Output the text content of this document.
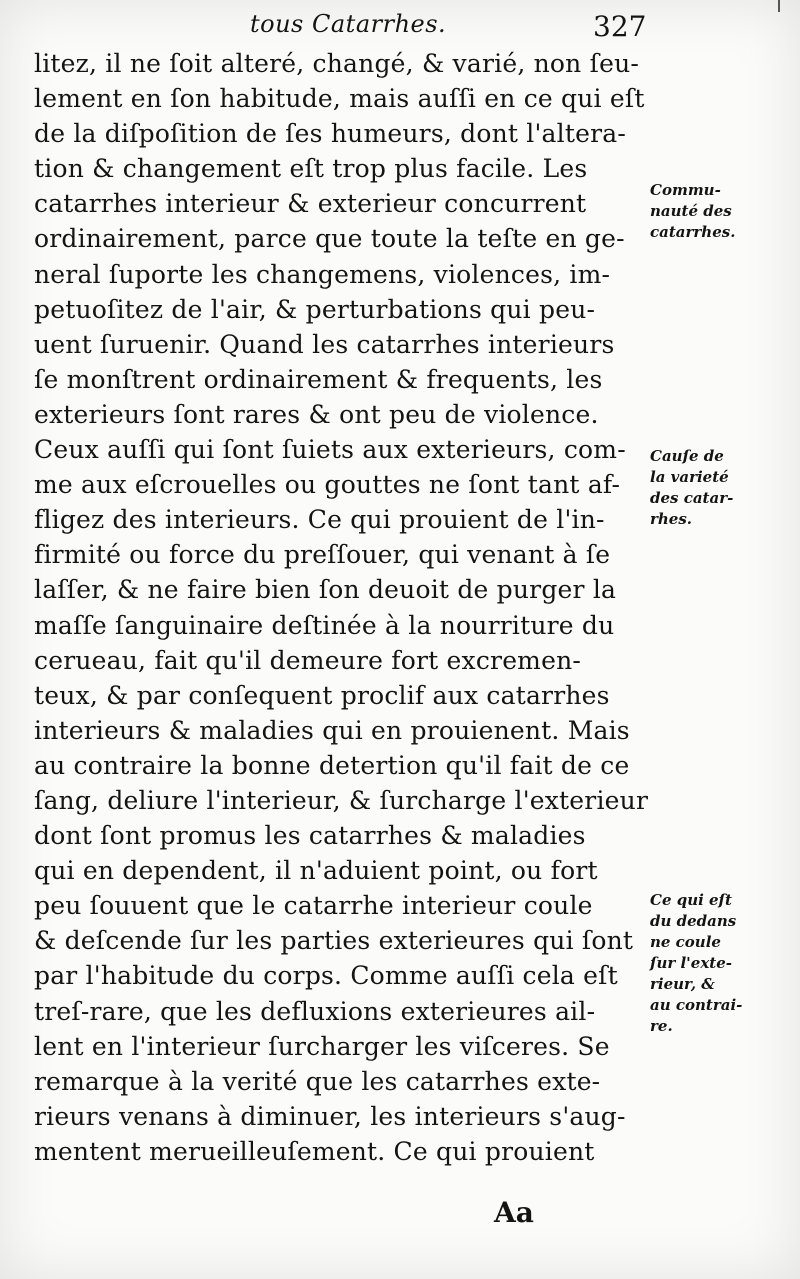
tous Catarrhes.	327
litez, il ne ſoit alteré, changé, & varié, non ſeu-
lement en ſon habitude, mais auſſi en ce qui eſt
de la diſpoſition de ſes humeurs, dont l'altera-
tion & changement eſt trop plus facile. Les
catarrhes interieur & exterieur concurrent
ordinairement, parce que toute la teſte en ge-
neral ſuporte les changemens, violences, im-
petuoſitez de l'air, & perturbations qui peu-
uent ſuruenir. Quand les catarrhes interieurs
ſe monſtrent ordinairement & frequents, les
exterieurs ſont rares & ont peu de violence.
Ceux auſſi qui ſont ſuiets aux exterieurs, com-
me aux eſcrouelles ou gouttes ne ſont tant af-
fligez des interieurs. Ce qui prouient de l'in-
firmité ou force du preſſouer, qui venant à ſe
laſſer, & ne faire bien ſon deuoit de purger la
maſſe ſanguinaire deſtinée à la nourriture du
cerueau, fait qu'il demeure fort excremen-
teux, & par conſequent proclif aux catarrhes
interieurs & maladies qui en prouienent. Mais
au contraire la bonne detertion qu'il fait de ce
ſang, deliure l'interieur, & ſurcharge l'exterieur
dont ſont promus les catarrhes & maladies
qui en dependent, il n'aduient point, ou fort
peu ſouuent que le catarrhe interieur coule
& deſcende ſur les parties exterieures qui ſont
par l'habitude du corps. Comme auſſi cela eſt
treſ-rare, que les defluxions exterieures ail-
lent en l'interieur ſurcharger les viſceres. Se
remarque à la verité que les catarrhes exte-
rieurs venans à diminuer, les interieurs s'aug-
mentent merueilleuſement. Ce qui prouient
Commu-
nauté des
catarrhes.
Cauſe de
la varieté
des catar-
rhes.
Ce qui eſt
du dedans
ne coule
ſur l'exte-
rieur, &
au contrai-
re.
Aa
